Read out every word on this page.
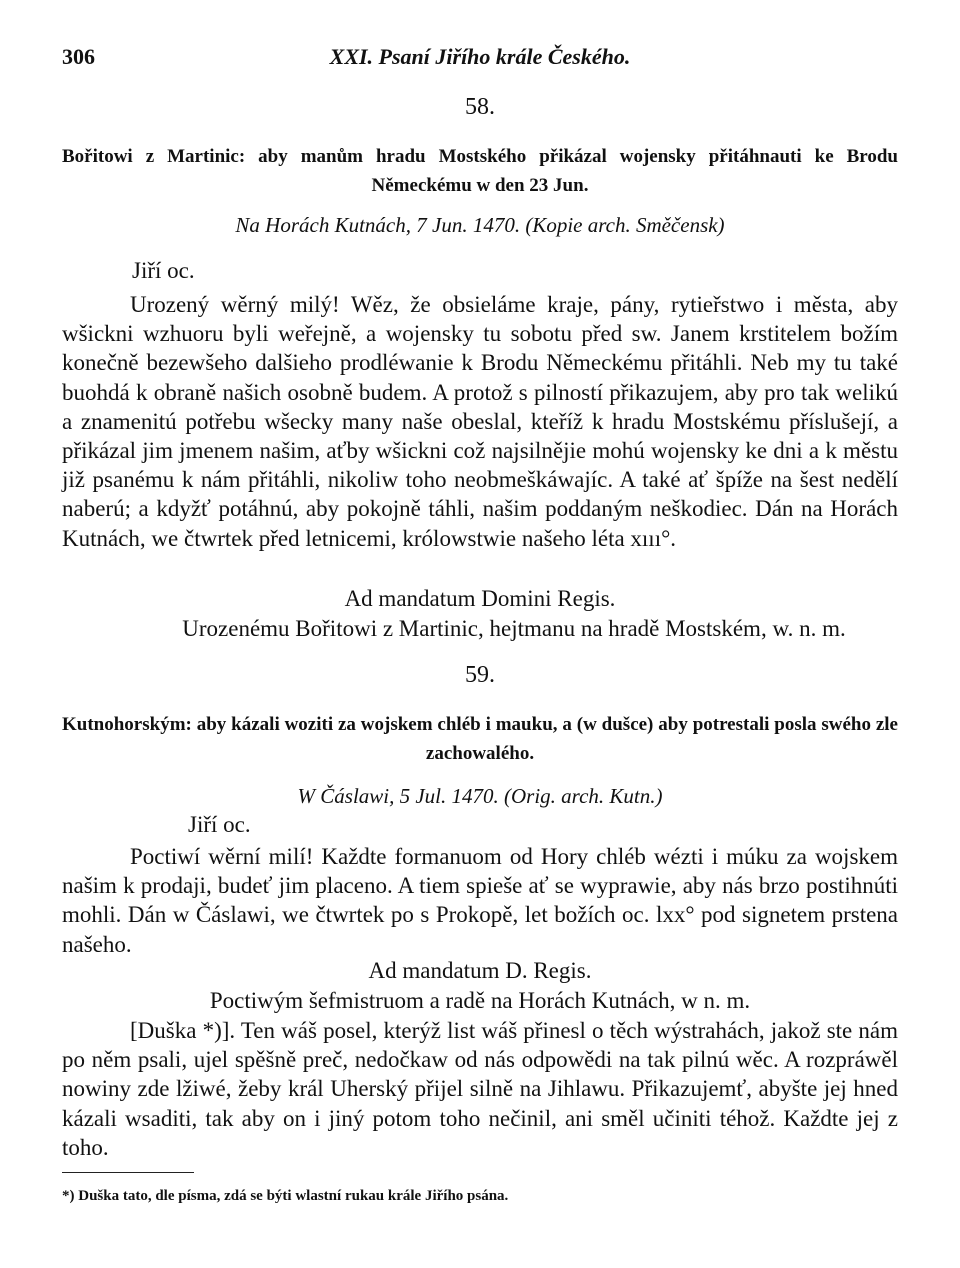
306	XXI. Psaní Jiřího krále Českého.
58.
Bořitowi z Martinic: aby manům hradu Mostského přikázal wojensky přitáhnauti ke Brodu Německému w den 23 Jun.
Na Horách Kutnách, 7 Jun. 1470. (Kopie arch. Směčensk)
Jiří oc.

Urozený wěrný milý! Wěz, že obsieláme kraje, pány, rytieřstwo i města, aby wšickni wzhuoru byli weřejně, a wojensky tu sobotu před sw. Janem krstitelem božím konečně bezewšeho dalšieho prodléwanie k Brodu Německému přitáhli. Neb my tu také buohdá k obraně našich osobně budem. A protož s pilností přikazujem, aby pro tak welikú a znamenitú potřebu wšecky many naše obeslal, kteříž k hradu Mostskému příslušejí, a přikázal jim jmenem našim, aťby wšickni což najsilnějie mohú wojensky ke dni a k městu již psanému k nám přitáhli, nikoliw toho neobmeškáwajíc. A také ať špíže na šest nedělí naberú; a kdyžť potáhnú, aby pokojně táhli, našim poddaným neškodiec. Dán na Horách Kutnách, we čtwrtek před letnicemi, królowstwie našeho léta xııı°.

Ad mandatum Domini Regis.
Urozenému Bořitowi z Martinic, hejtmanu na hradě Mostském, w. n. m.
59.
Kutnohorským: aby kázali woziti za wojskem chléb i mauku, a (w dušce) aby potrestali posla swého zle zachowalého.
W Čáslawi, 5 Jul. 1470. (Orig. arch. Kutn.)
Jiří oc.

Poctiwí wěrní milí! Každte formanuom od Hory chléb wézti i múku za wojskem našim k prodaji, budeť jim placeno. A tiem spieše ať se wyprawie, aby nás brzo postihnúti mohli. Dán w Čáslawi, we čtwrtek po s Prokopě, let božích oc. lxx° pod signetem prstena našeho.

Ad mandatum D. Regis.
Poctiwým šefmistruom a radě na Horách Kutnách, w n. m.

[Duška *)]. Ten wáš posel, kterýž list wáš přinesl o těch wýstrahách, jakož ste nám po něm psali, ujel spěšně preč, nedočkaw od nás odpowědi na tak pilnú wěc. A rozpráwěl nowiny zde lžiwé, žeby král Uherský přijel silně na Jihlawu. Přikazujemť, abyšte jej hned kázali wsaditi, tak aby on i jiný potom toho nečinil, ani směl učiniti téhož. Každte jej z toho.

*) Duška tato, dle písma, zdá se býti wlastní rukau krále Jiřího psána.
